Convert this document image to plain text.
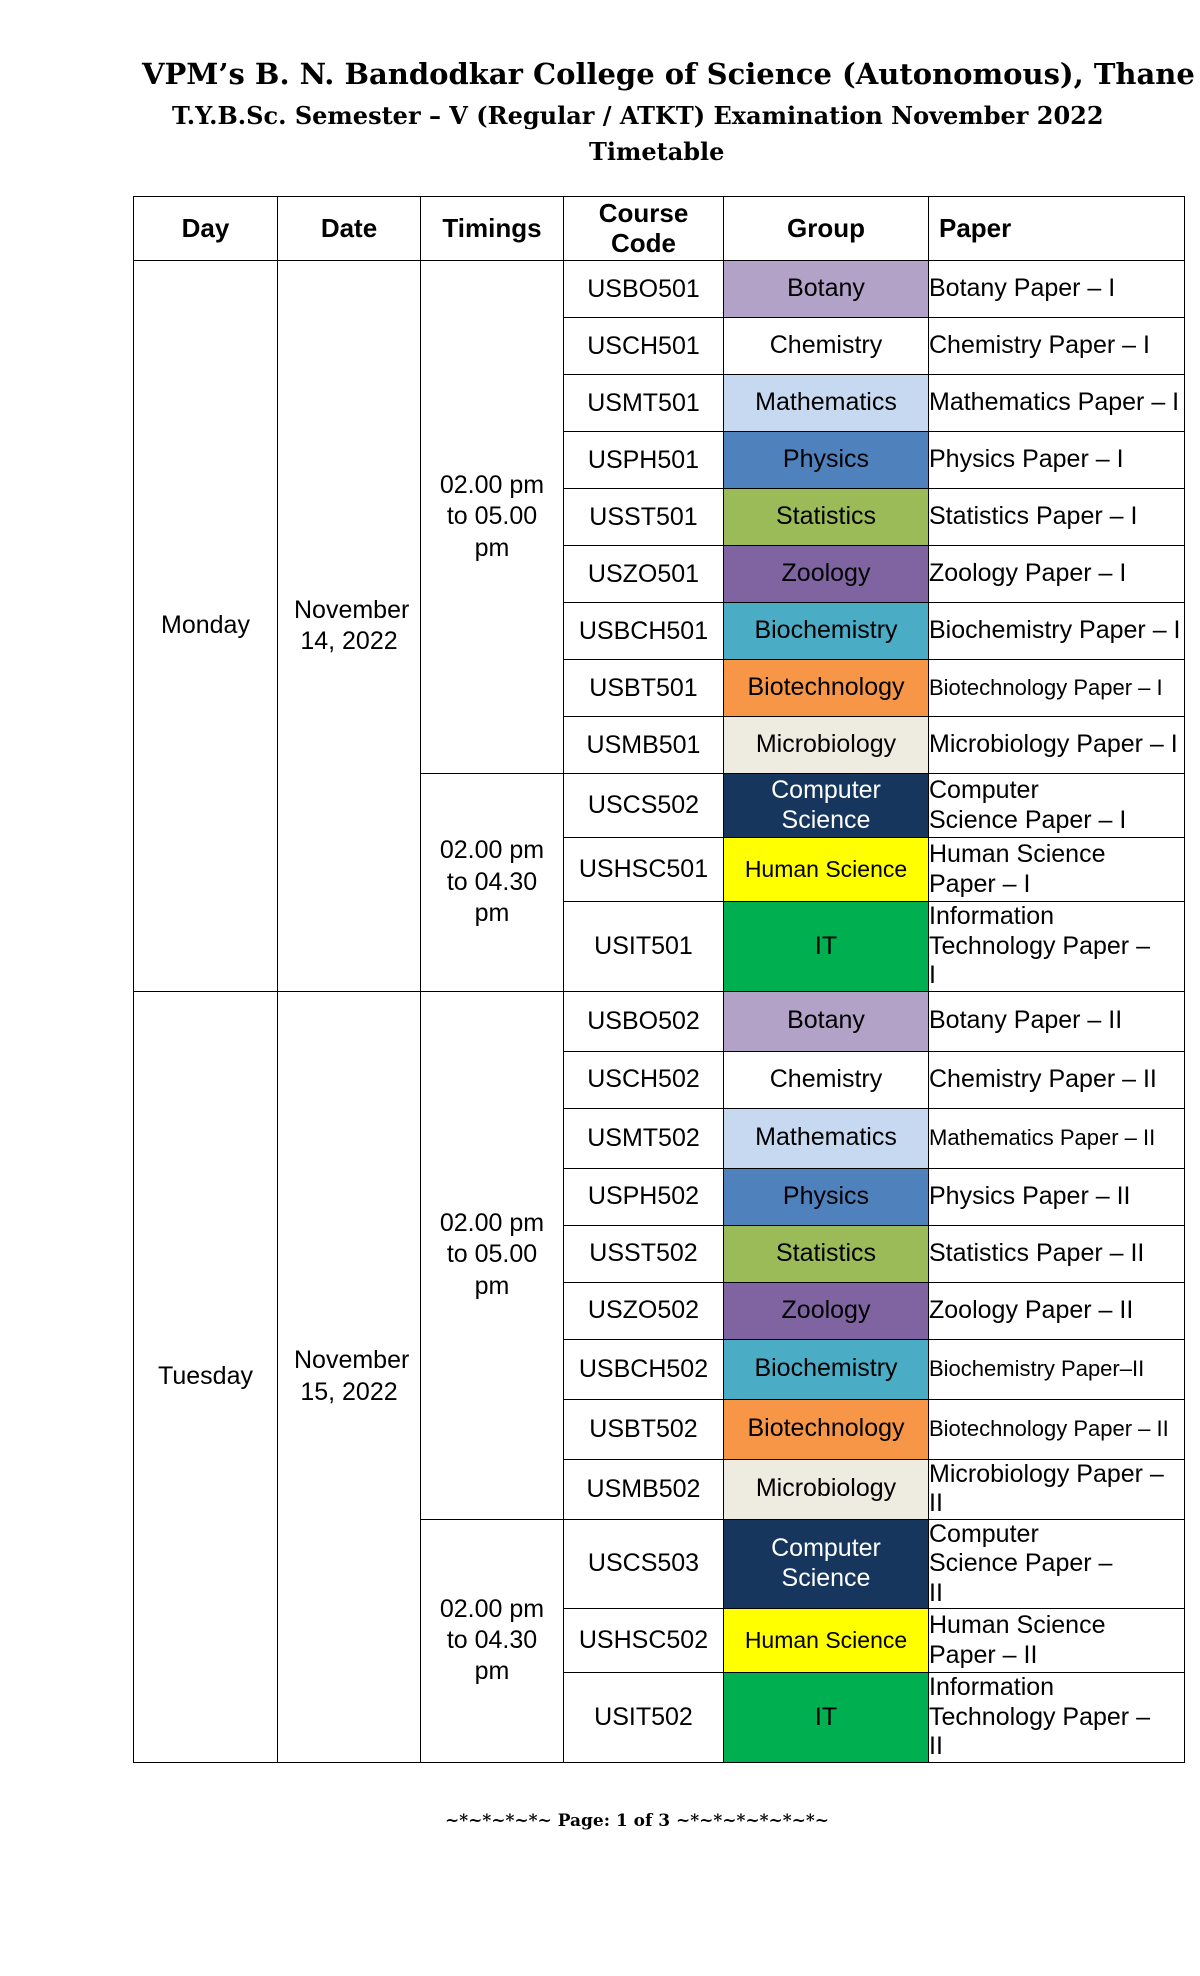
VPM’s B. N. Bandodkar College of Science (Autonomous), Thane
T.Y.B.Sc. Semester – V (Regular / ATKT) Examination November 2022
Timetable
Day	Date	Timings	Course Code	Group	Paper
Monday	November 14, 2022	02.00 pm to 05.00 pm	USBO501	Botany	Botany Paper – I
			USCH501	Chemistry	Chemistry Paper – I
			USMT501	Mathematics	Mathematics Paper – I
			USPH501	Physics	Physics Paper – I
			USST501	Statistics	Statistics Paper – I
			USZO501	Zoology	Zoology Paper – I
			USBCH501	Biochemistry	Biochemistry Paper – I
			USBT501	Biotechnology	Biotechnology Paper – I
			USMB501	Microbiology	Microbiology Paper – I
		02.00 pm to 04.30 pm	USCS502	Computer Science	Computer Science Paper – I
			USHSC501	Human Science	Human Science Paper – I
			USIT501	IT	Information Technology Paper – I
Tuesday	November 15, 2022	02.00 pm to 05.00 pm	USBO502	Botany	Botany Paper – II
			USCH502	Chemistry	Chemistry Paper – II
			USMT502	Mathematics	Mathematics Paper – II
			USPH502	Physics	Physics Paper – II
			USST502	Statistics	Statistics Paper – II
			USZO502	Zoology	Zoology Paper – II
			USBCH502	Biochemistry	Biochemistry Paper–II
			USBT502	Biotechnology	Biotechnology Paper – II
			USMB502	Microbiology	Microbiology Paper – II
		02.00 pm to 04.30 pm	USCS503	Computer Science	Computer Science Paper – II
			USHSC502	Human Science	Human Science Paper – II
			USIT502	IT	Information Technology Paper – II
~*~*~*~*~ Page: 1 of 3 ~*~*~*~*~*~*~
